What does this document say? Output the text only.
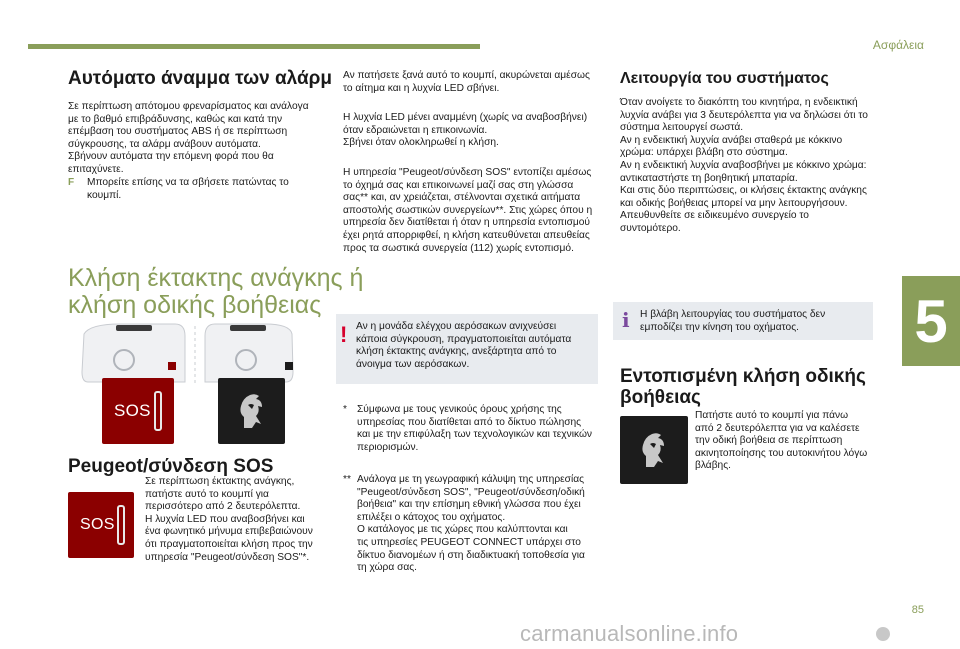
Ασφάλεια
5
85
Αυτόματο άναμμα των αλάρμ
Σε περίπτωση απότομου φρεναρίσματος και ανάλογα
με το βαθμό επιβράδυνσης, καθώς και κατά την
επέμβαση του συστήματος ABS ή σε περίπτωση
σύγκρουσης, τα αλάρμ ανάβουν αυτόματα.
Σβήνουν αυτόματα την επόμενη φορά που θα
επιταχύνετε.
F Μπορείτε επίσης να τα σβήσετε πατώντας το
κουμπί.
Κλήση έκτακτης ανάγκης ή
κλήση οδικής βοήθειας
SOS
Peugeot/σύνδεση SOS
SOS
Σε περίπτωση έκτακτης ανάγκης,
πατήστε αυτό το κουμπί για
περισσότερο από 2 δευτερόλεπτα.
Η λυχνία LED που αναβοσβήνει και
ένα φωνητικό μήνυμα επιβεβαιώνουν
ότι πραγματοποιείται κλήση προς την
υπηρεσία "Peugeot/σύνδεση SOS"*.
Αν πατήσετε ξανά αυτό το κουμπί, ακυρώνεται αμέσως
το αίτημα και η λυχνία LED σβήνει.
Η λυχνία LED μένει αναμμένη (χωρίς να αναβοσβήνει)
όταν εδραιώνεται η επικοινωνία.
Σβήνει όταν ολοκληρωθεί η κλήση.
Η υπηρεσία "Peugeot/σύνδεση SOS" εντοπίζει αμέσως
το όχημά σας και επικοινωνεί μαζί σας στη γλώσσα
σας** και, αν χρειάζεται, στέλνονται σχετικά αιτήματα
αποστολής σωστικών συνεργείων**. Στις χώρες όπου η
υπηρεσία δεν διατίθεται ή όταν η υπηρεσία εντοπισμού
έχει ρητά απορριφθεί, η κλήση κατευθύνεται απευθείας
προς τα σωστικά συνεργεία (112) χωρίς εντοπισμό.
! Αν η μονάδα ελέγχου αερόσακων ανιχνεύσει
κάποια σύγκρουση, πραγματοποιείται αυτόματα
κλήση έκτακτης ανάγκης, ανεξάρτητα από το
άνοιγμα των αερόσακων.
* Σύμφωνα με τους γενικούς όρους χρήσης της
υπηρεσίας που διατίθεται από το δίκτυο πώλησης
και με την επιφύλαξη των τεχνολογικών και τεχνικών
περιορισμών.
** Ανάλογα με τη γεωγραφική κάλυψη της υπηρεσίας
"Peugeot/σύνδεση SOS", "Peugeot/σύνδεση/οδική
βοήθεια" και την επίσημη εθνική γλώσσα που έχει
επιλέξει ο κάτοχος του οχήματος.
Ο κατάλογος με τις χώρες που καλύπτονται και
τις υπηρεσίες PEUGEOT CONNECT υπάρχει στο
δίκτυο διανομέων ή στη διαδικτυακή τοποθεσία για
τη χώρα σας.
Λειτουργία του συστήματος
Όταν ανοίγετε το διακόπτη του κινητήρα, η ενδεικτική
λυχνία ανάβει για 3 δευτερόλεπτα για να δηλώσει ότι το
σύστημα λειτουργεί σωστά.
Αν η ενδεικτική λυχνία ανάβει σταθερά με κόκκινο
χρώμα: υπάρχει βλάβη στο σύστημα.
Αν η ενδεικτική λυχνία αναβοσβήνει με κόκκινο χρώμα:
αντικαταστήστε τη βοηθητική μπαταρία.
Και στις δύο περιπτώσεις, οι κλήσεις έκτακτης ανάγκης
και οδικής βοήθειας μπορεί να μην λειτουργήσουν.
Απευθυνθείτε σε ειδικευμένο συνεργείο το
συντομότερο.
i Η βλάβη λειτουργίας του συστήματος δεν
εμποδίζει την κίνηση του οχήματος.
Εντοπισμένη κλήση οδικής
βοήθειας
Πατήστε αυτό το κουμπί για πάνω
από 2 δευτερόλεπτα για να καλέσετε
την οδική βοήθεια σε περίπτωση
ακινητοποίησης του αυτοκινήτου λόγω
βλάβης.
carmanualsonline.info
